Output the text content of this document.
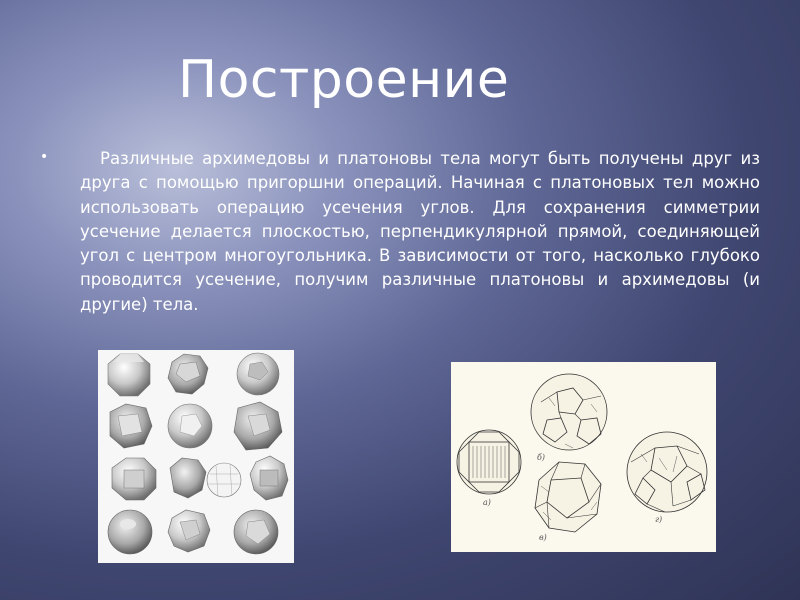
Построение
•	Различные архимедовы и платоновы тела могут быть получены друг из друга с помощью пригоршни операций. Начиная с платоновых тел можно использовать операцию усечения углов. Для сохранения симметрии усечение делается плоскостью, перпендикулярной прямой, соединяющей угол с центром многоугольника. В зависимости от того, насколько глубоко проводится усечение, получим различные платоновы и архимедовы (и другие) тела.
а)
б)
в)
г)
